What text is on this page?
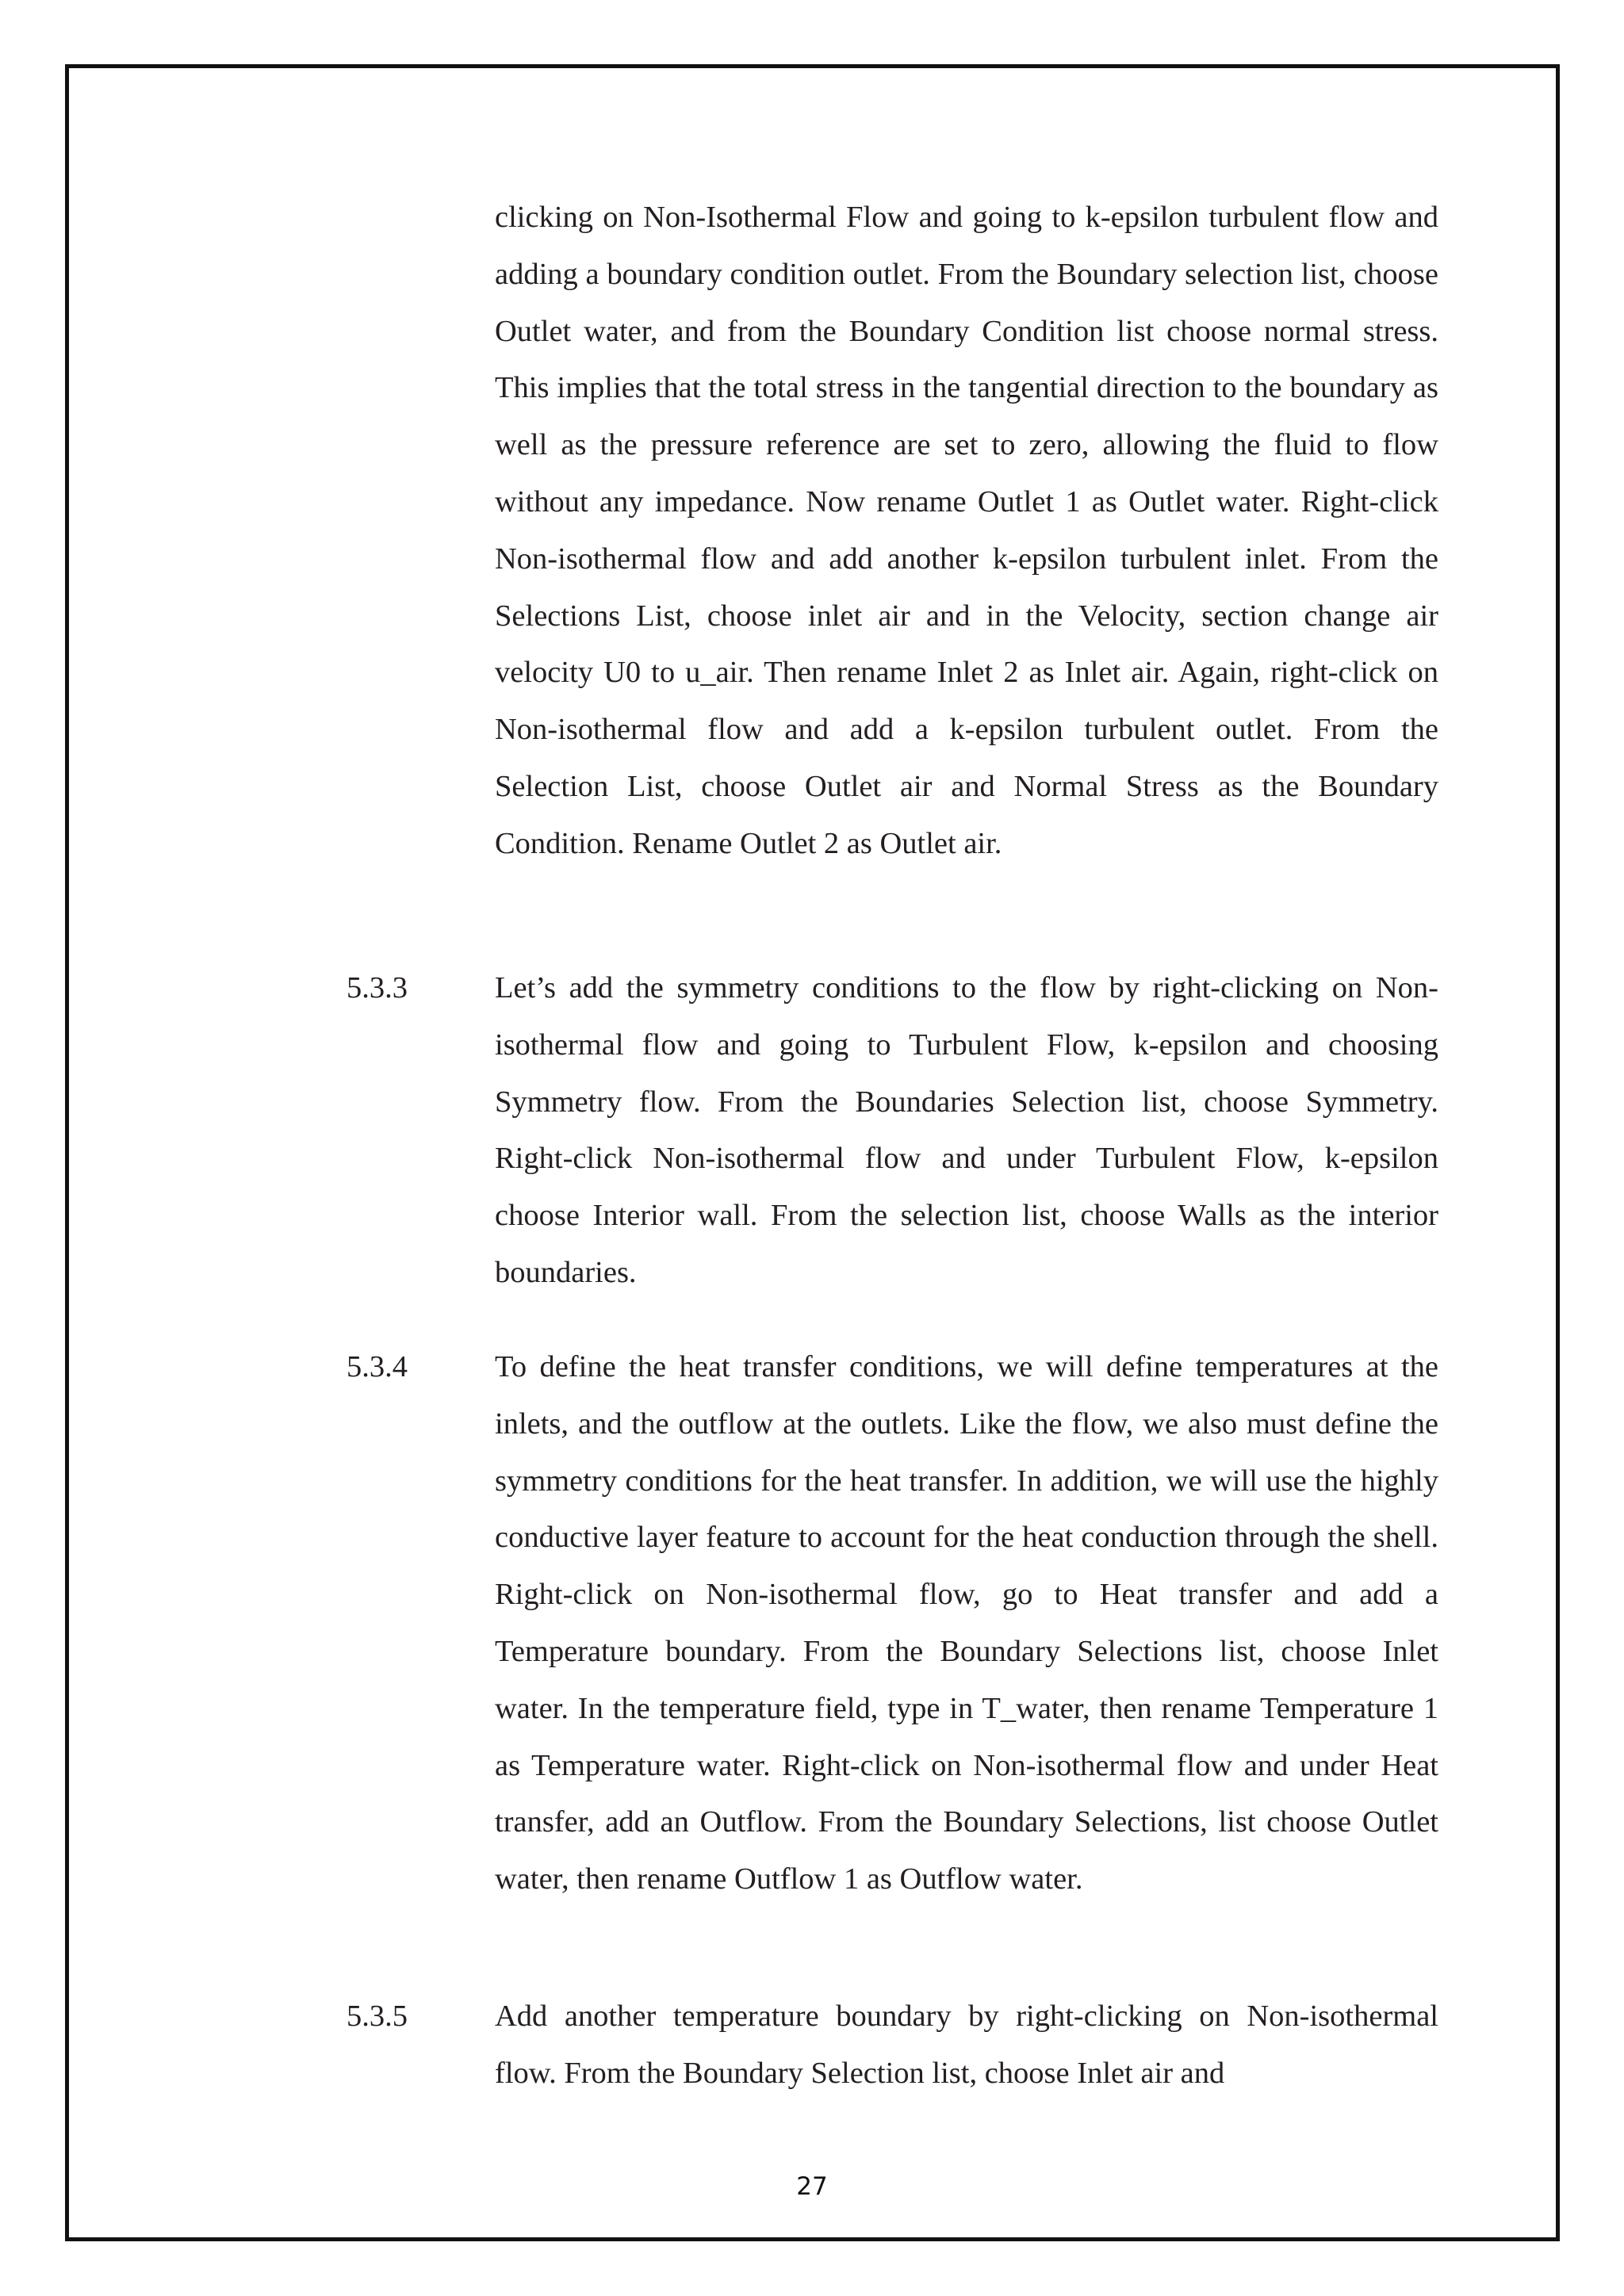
clicking on Non-Isothermal Flow and going to k-epsilon turbulent flow and adding a boundary condition outlet. From the Boundary selection list, choose Outlet water, and from the Boundary Condition list choose normal stress. This implies that the total stress in the tangential direction to the boundary as well as the pressure reference are set to zero, allowing the fluid to flow without any impedance. Now rename Outlet 1 as Outlet water. Right-click Non-isothermal flow and add another k-epsilon turbulent inlet. From the Selections List, choose inlet air and in the Velocity, section change air velocity U0 to u_air. Then rename Inlet 2 as Inlet air. Again, right-click on Non-isothermal flow and add a k-epsilon turbulent outlet. From the Selection List, choose Outlet air and Normal Stress as the Boundary Condition. Rename Outlet 2 as Outlet air.

5.3.3	Let’s add the symmetry conditions to the flow by right-clicking on Non-isothermal flow and going to Turbulent Flow, k-epsilon and choosing Symmetry flow. From the Boundaries Selection list, choose Symmetry. Right-click Non-isothermal flow and under Turbulent Flow, k-epsilon choose Interior wall. From the selection list, choose Walls as the interior boundaries.

5.3.4	To define the heat transfer conditions, we will define temperatures at the inlets, and the outflow at the outlets. Like the flow, we also must define the symmetry conditions for the heat transfer. In addition, we will use the highly conductive layer feature to account for the heat conduction through the shell. Right-click on Non-isothermal flow, go to Heat transfer and add a Temperature boundary. From the Boundary Selections list, choose Inlet water. In the temperature field, type in T_water, then rename Temperature 1 as Temperature water. Right-click on Non-isothermal flow and under Heat transfer, add an Outflow. From the Boundary Selections, list choose Outlet water, then rename Outflow 1 as Outflow water.

5.3.5	Add another temperature boundary by right-clicking on Non-isothermal flow. From the Boundary Selection list, choose Inlet air and

27
